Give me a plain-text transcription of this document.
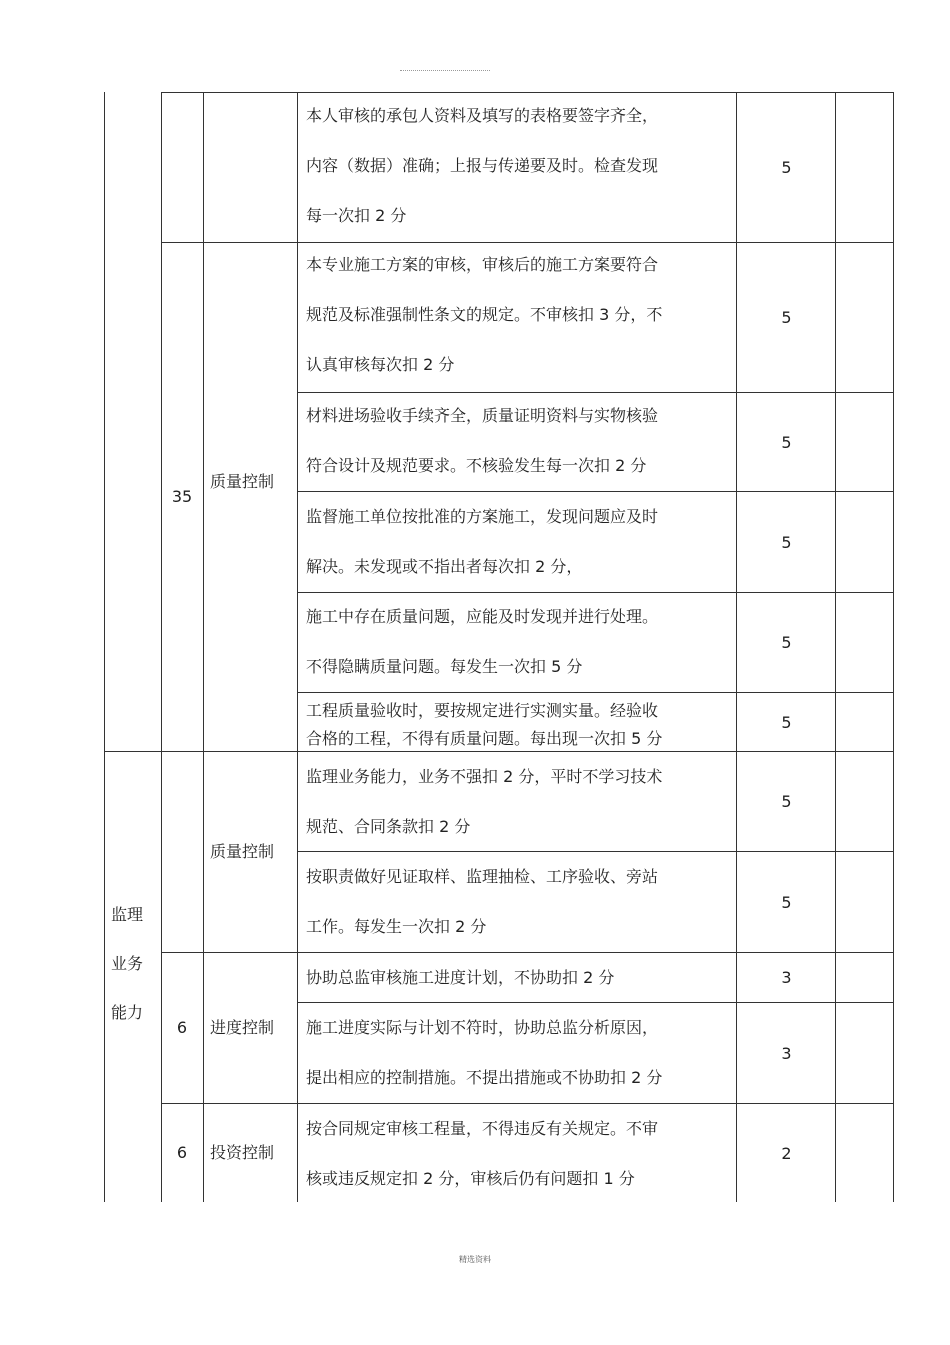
35
6
6
质量控制
质量控制
进度控制
投资控制
监理
业务
能力
本人审核的承包人资料及填写的表格要签字齐全，
内容（数据）准确；上报与传递要及时。检查发现
每一次扣 2 分
本专业施工方案的审核，审核后的施工方案要符合
规范及标准强制性条文的规定。不审核扣 3 分，不
认真审核每次扣 2 分
材料进场验收手续齐全，质量证明资料与实物核验
符合设计及规范要求。不核验发生每一次扣 2 分
监督施工单位按批准的方案施工，发现问题应及时
解决。未发现或不指出者每次扣 2 分，
施工中存在质量问题，应能及时发现并进行处理。
不得隐瞒质量问题。每发生一次扣 5 分
工程质量验收时，要按规定进行实测实量。经验收
合格的工程，不得有质量问题。每出现一次扣 5 分
监理业务能力，业务不强扣 2 分，平时不学习技术
规范、合同条款扣 2 分
按职责做好见证取样、监理抽检、工序验收、旁站
工作。每发生一次扣 2 分
协助总监审核施工进度计划，不协助扣 2 分
施工进度实际与计划不符时，协助总监分析原因，
提出相应的控制措施。不提出措施或不协助扣 2 分
按合同规定审核工程量，不得违反有关规定。不审
核或违反规定扣 2 分，审核后仍有问题扣 1 分
5
5
5
5
5
5
5
5
3
3
2
精选资料
